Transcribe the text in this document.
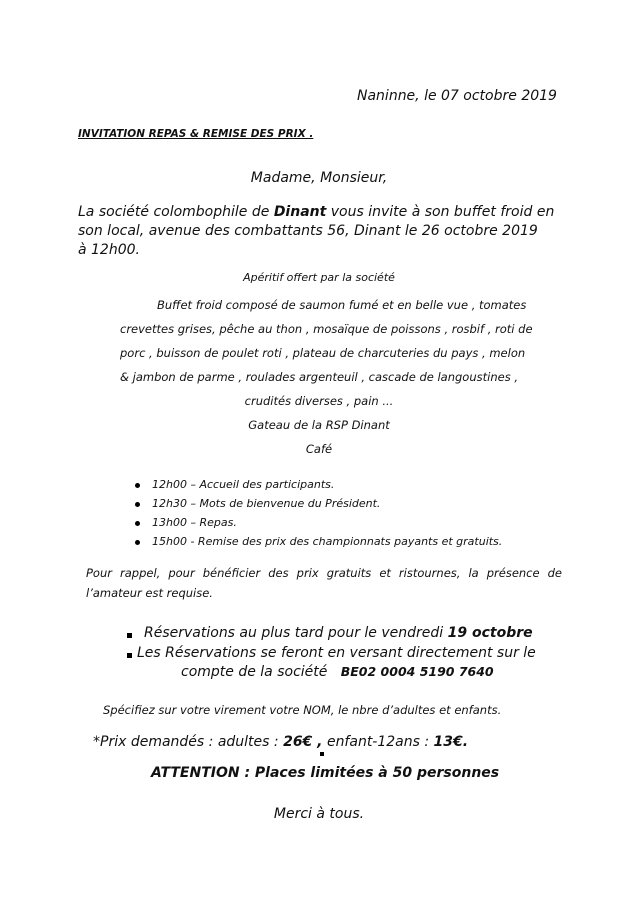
Naninne, le 07 octobre 2019
INVITATION REPAS & REMISE DES PRIX .
Madame, Monsieur,
La société colombophile de Dinant vous invite à son buffet froid en
son local, avenue des combattants 56, Dinant le 26 octobre 2019
à 12h00.
Apéritif offert par la société
Buffet froid composé de saumon fumé et en belle vue , tomates
crevettes grises, pêche au thon , mosaïque de poissons , rosbif , roti de
porc , buisson de poulet roti , plateau de charcuteries du pays , melon
& jambon de parme , roulades argenteuil , cascade de langoustines ,
crudités diverses , pain ...
Gateau de la RSP Dinant
Café
12h00 – Accueil des participants.
12h30 – Mots de bienvenue du Président.
13h00 – Repas.
15h00 - Remise des prix des championnats payants et gratuits.
Pour rappel, pour bénéficier des prix gratuits et ristournes, la présence de
l’amateur est requise.
Réservations au plus tard pour le vendredi 19 octobre
Les Réservations se feront en versant directement sur le
compte de la société   BE02 0004 5190 7640
Spécifiez sur votre virement votre NOM, le nbre d’adultes et enfants.
*Prix demandés : adultes : 26€ , enfant-12ans : 13€.
ATTENTION : Places limitées à 50 personnes
Merci à tous.
